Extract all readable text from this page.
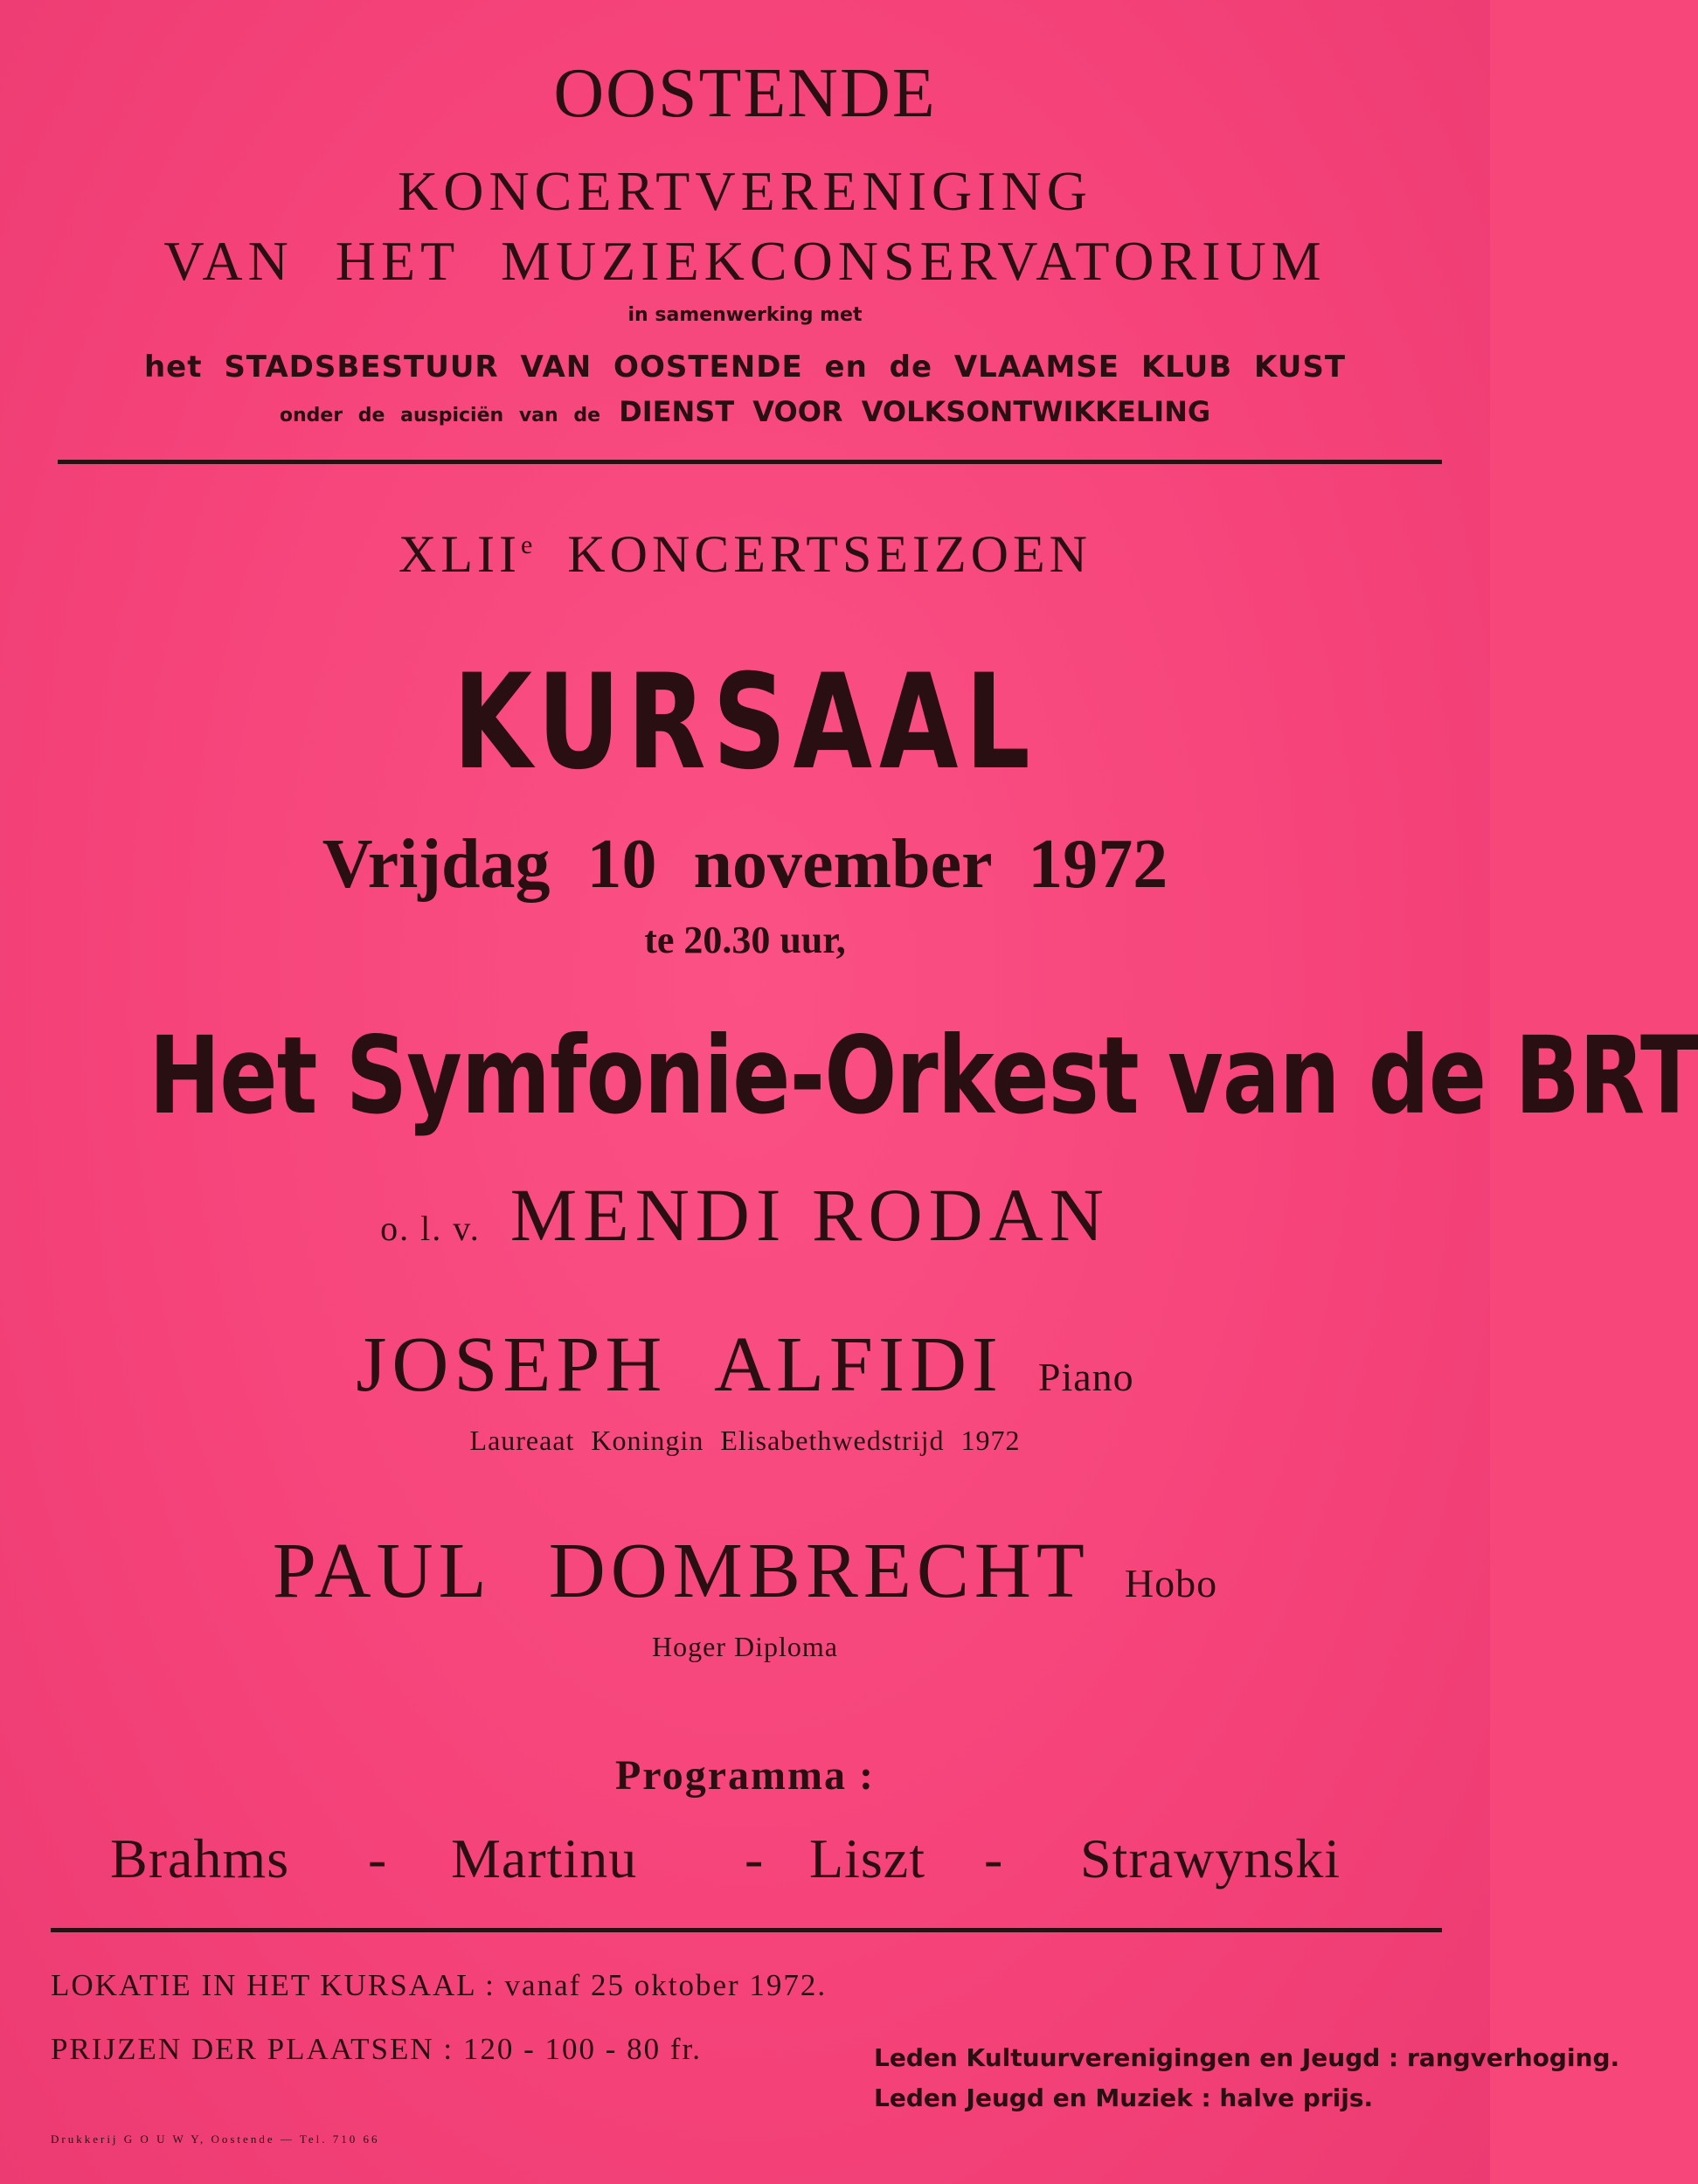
OOSTENDE
KONCERTVERENIGING
VAN HET MUZIEKCONSERVATORIUM
in samenwerking met
het STADSBESTUUR VAN OOSTENDE en de VLAAMSE KLUB KUST
onder de auspiciën van de DIENST VOOR VOLKSONTWIKKELING
XLIIe KONCERTSEIZOEN
KURSAAL
Vrijdag 10 november 1972
te 20.30 uur,
Het Symfonie-Orkest van de BRT
o. l. v. MENDI RODAN
JOSEPH ALFIDI Piano
Laureaat Koningin Elisabethwedstrijd 1972
PAUL DOMBRECHT Hobo
Hoger Diploma
Programma :
Brahms - Martinu - Liszt - Strawynski
LOKATIE IN HET KURSAAL : vanaf 25 oktober 1972.
PRIJZEN DER PLAATSEN : 120 - 100 - 80 fr.	Leden Kultuurverenigingen en Jeugd : rangverhoging.
Leden Jeugd en Muziek : halve prijs.
Drukkerij G O U W Y, Oostende — Tel. 710 66
